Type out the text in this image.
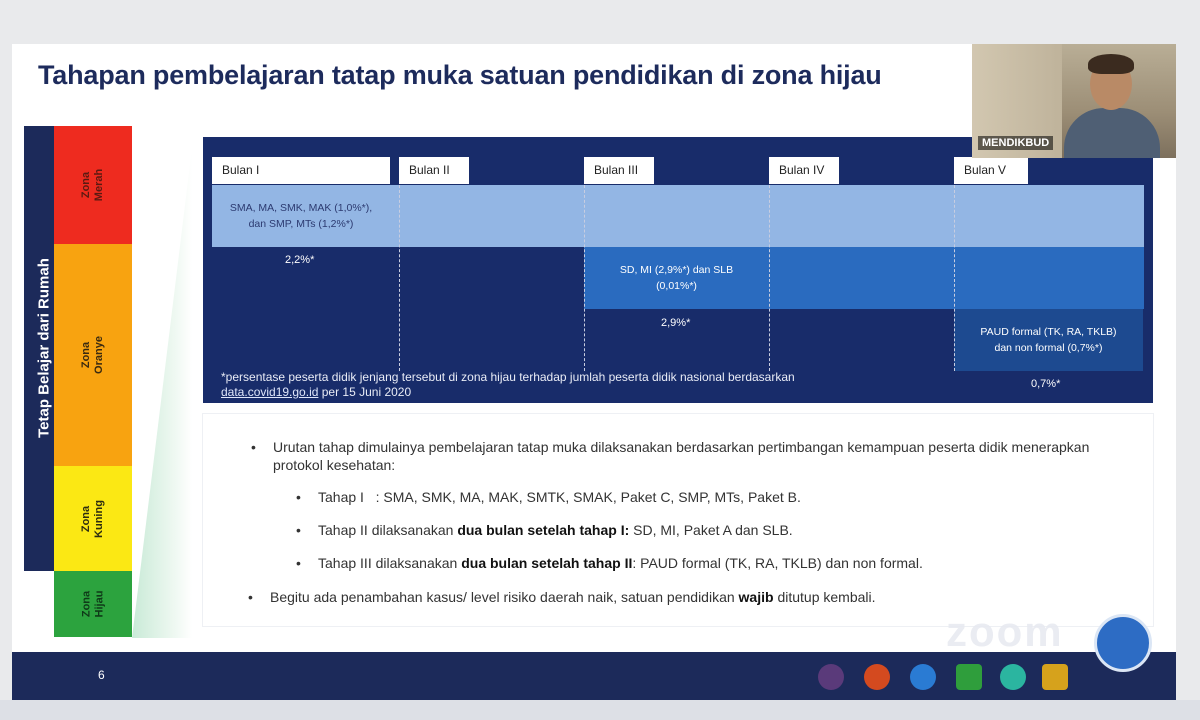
Tahapan pembelajaran tatap muka satuan pendidikan di zona hijau
Tetap Belajar dari Rumah
Zona
Merah
Zona
Oranye
Zona
Kuning
Zona
Hijau
Bulan I	Bulan II	Bulan III	Bulan IV	Bulan V
SMA, MA, SMK, MAK (1,0%*),
dan SMP, MTs (1,2%*)
2,2%*
SD, MI (2,9%*) dan SLB
(0,01%*)
2,9%*
PAUD formal (TK, RA, TKLB)
dan non formal (0,7%*)
0,7%*
*persentase peserta didik jenjang tersebut di zona hijau terhadap jumlah peserta didik nasional berdasarkan
data.covid19.go.id per 15 Juni 2020
• Urutan tahap dimulainya pembelajaran tatap muka dilaksanakan berdasarkan pertimbangan kemampuan peserta didik menerapkan protokol kesehatan:
• Tahap I   : SMA, SMK, MA, MAK, SMTK, SMAK, Paket C, SMP, MTs, Paket B.
• Tahap II dilaksanakan dua bulan setelah tahap I: SD, MI, Paket A dan SLB.
• Tahap III dilaksanakan dua bulan setelah tahap II: PAUD formal (TK, RA, TKLB) dan non formal.
• Begitu ada penambahan kasus/ level risiko daerah naik, satuan pendidikan wajib ditutup kembali.
6
MENDIKBUD
zoom
